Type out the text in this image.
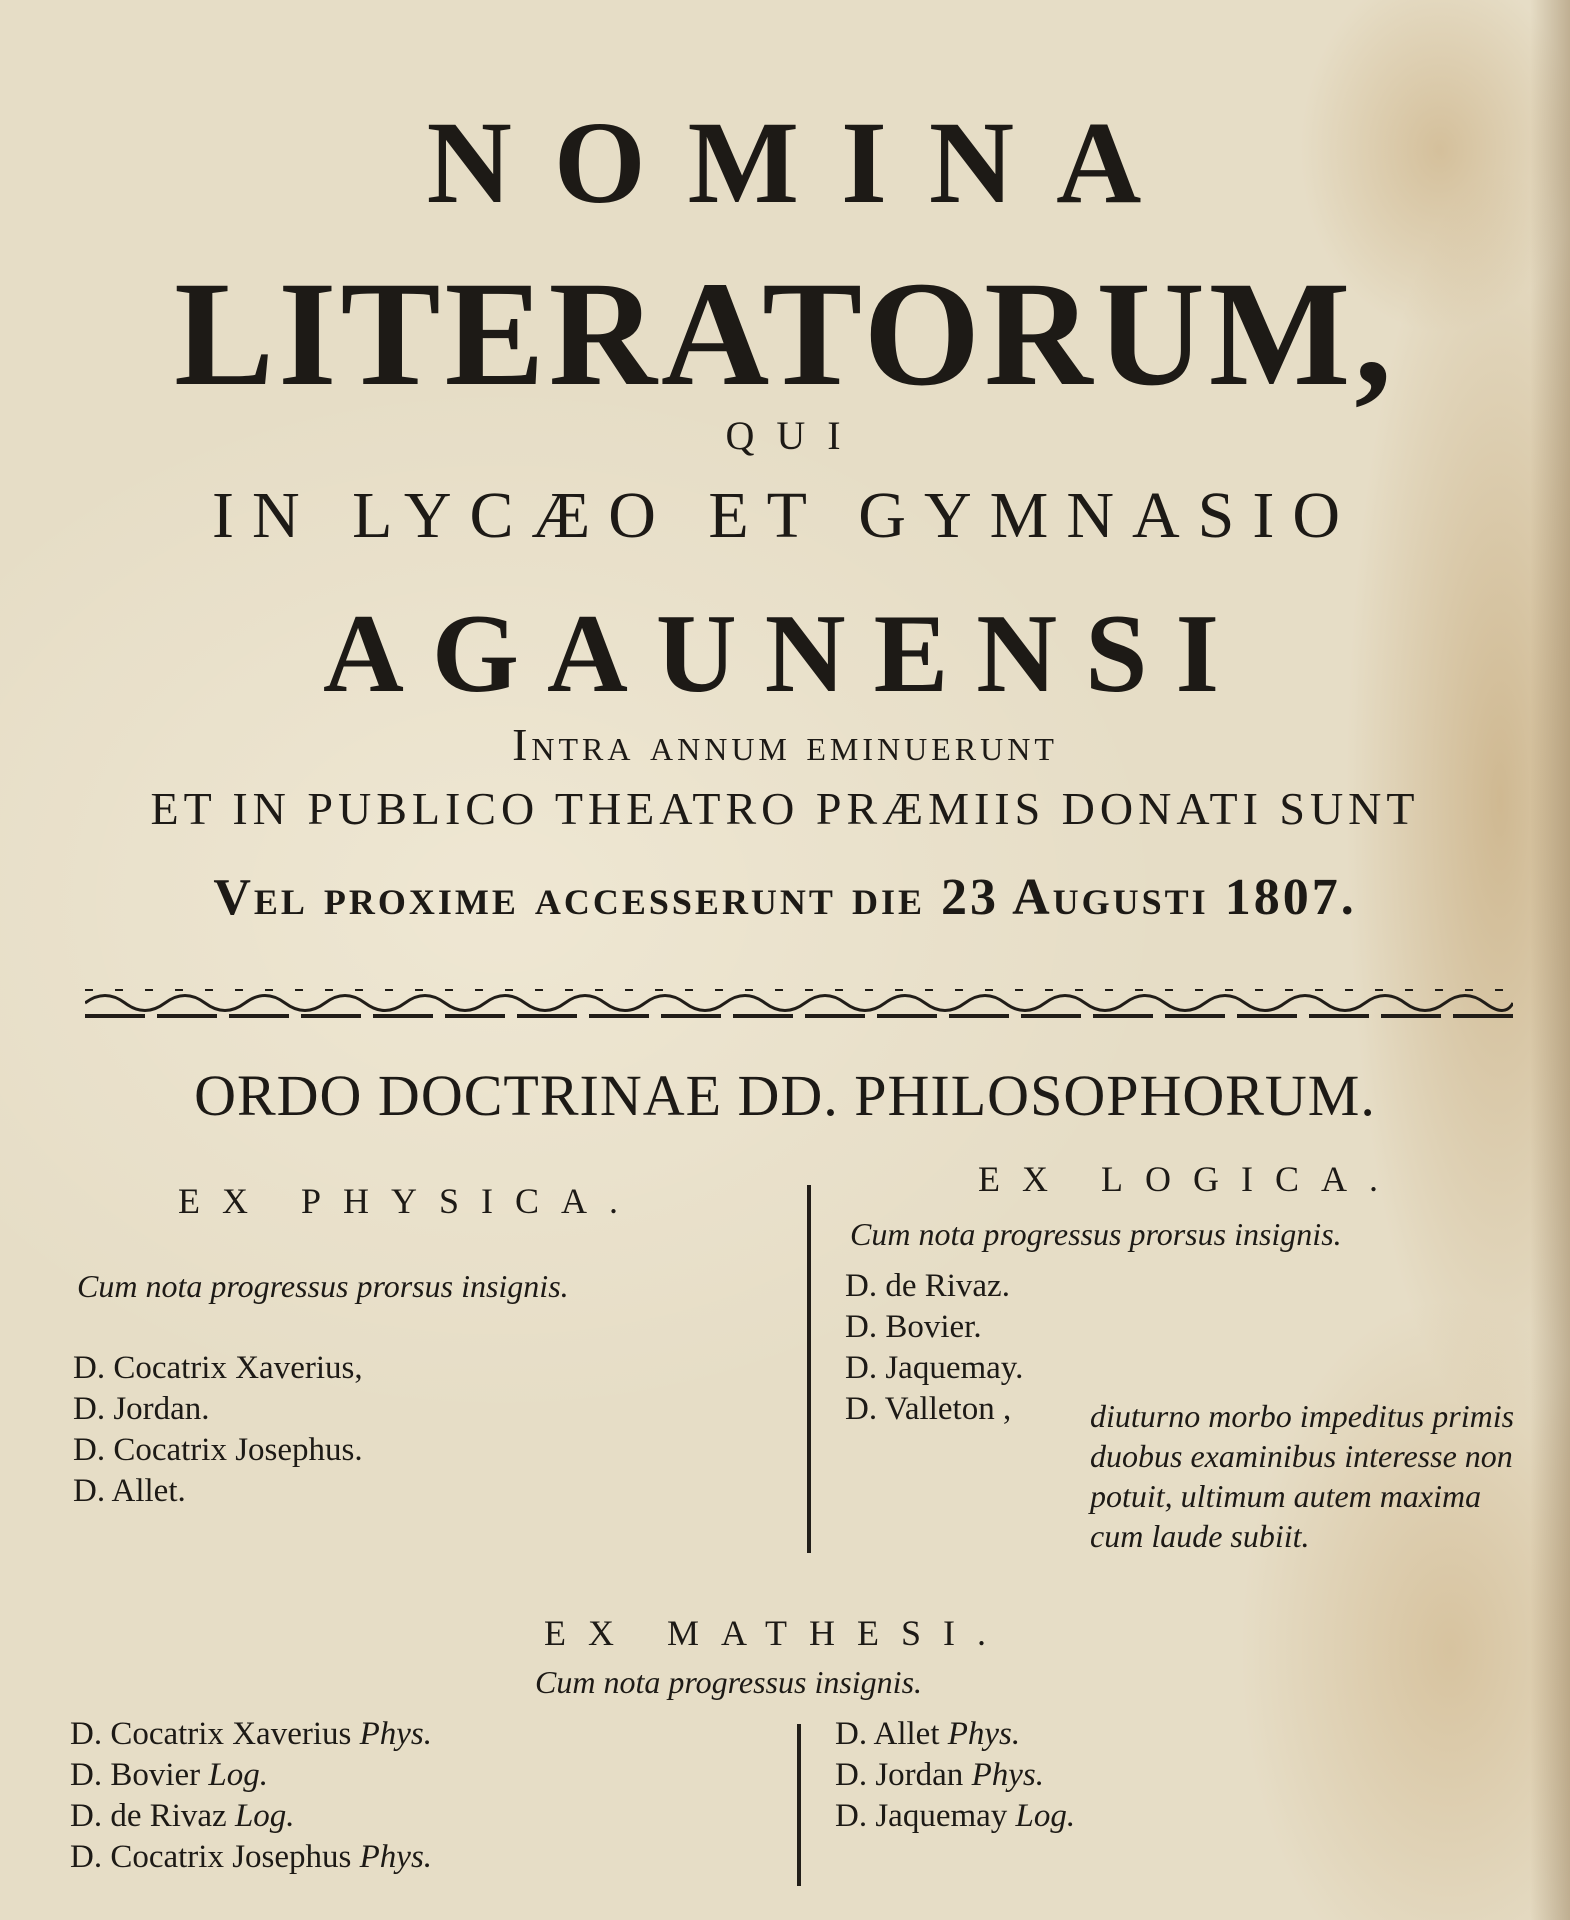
NOMINA
LITERATORUM,
QUI
IN LYCÆO ET GYMNASIO
AGAUNENSI
Intra annum eminuerunt
ET IN PUBLICO THEATRO PRÆMIIS DONATI SUNT
Vel proxime accesserunt die 23 Augusti 1807.
ORDO DOCTRINAE DD. PHILOSOPHORUM.
EX PHYSICA.
Cum nota progressus prorsus insignis.
D. Cocatrix Xaverius,
D. Jordan.
D. Cocatrix Josephus.
D. Allet.
EX LOGICA.
Cum nota progressus prorsus insignis.
D. de Rivaz.
D. Bovier.
D. Jaquemay.
D. Valleton ,	diuturno morbo impeditus primis duobus examinibus interesse non potuit, ultimum autem maxima cum laude subiit.
EX MATHESI.
Cum nota progressus insignis.
D. Cocatrix Xaverius Phys.
D. Bovier Log.
D. de Rivaz Log.
D. Cocatrix Josephus Phys.
D. Allet Phys.
D. Jordan Phys.
D. Jaquemay Log.
